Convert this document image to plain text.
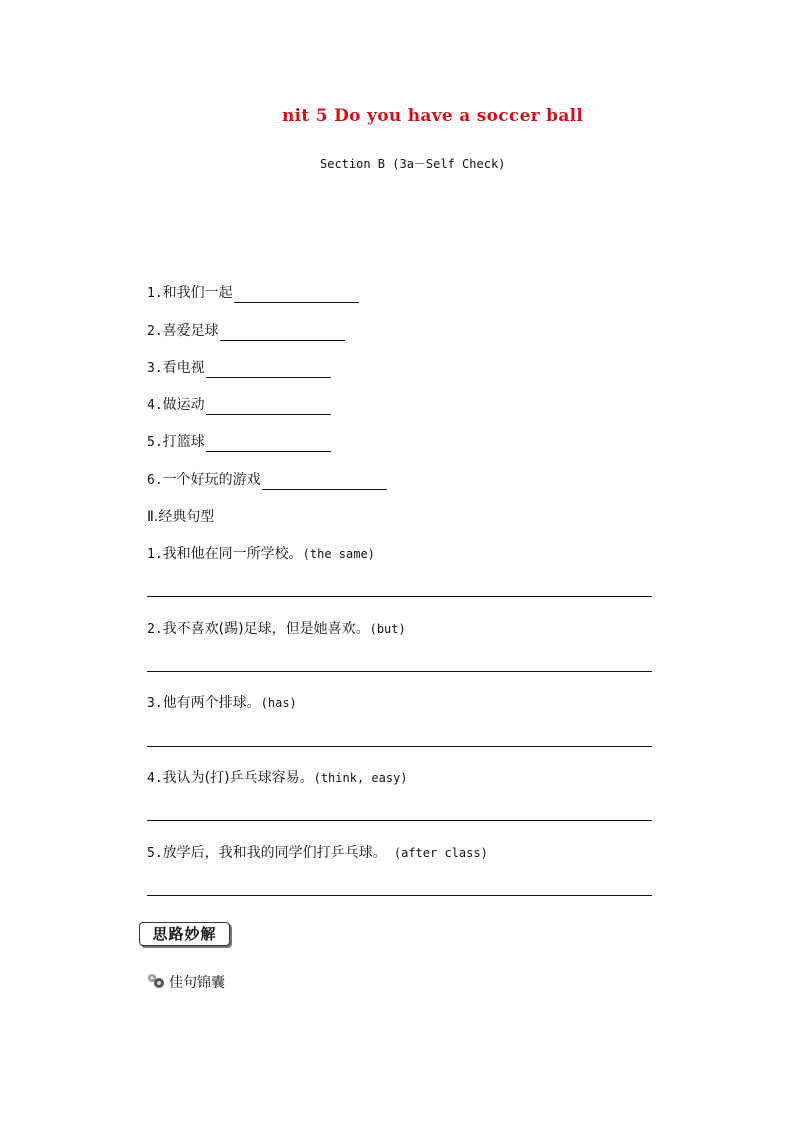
nit 5 Do you have a soccer ball
Section B (3a－Self Check)
1.和我们一起
2.喜爱足球
3.看电视
4.做运动
5.打篮球
6.一个好玩的游戏
Ⅱ.经典句型
1.我和他在同一所学校。(the same)
2.我不喜欢(踢)足球，但是她喜欢。(but)
3.他有两个排球。(has)
4.我认为(打)乒乓球容易。(think, easy)
5.放学后，我和我的同学们打乒乓球。 (after class)
思路妙解
佳句锦囊
